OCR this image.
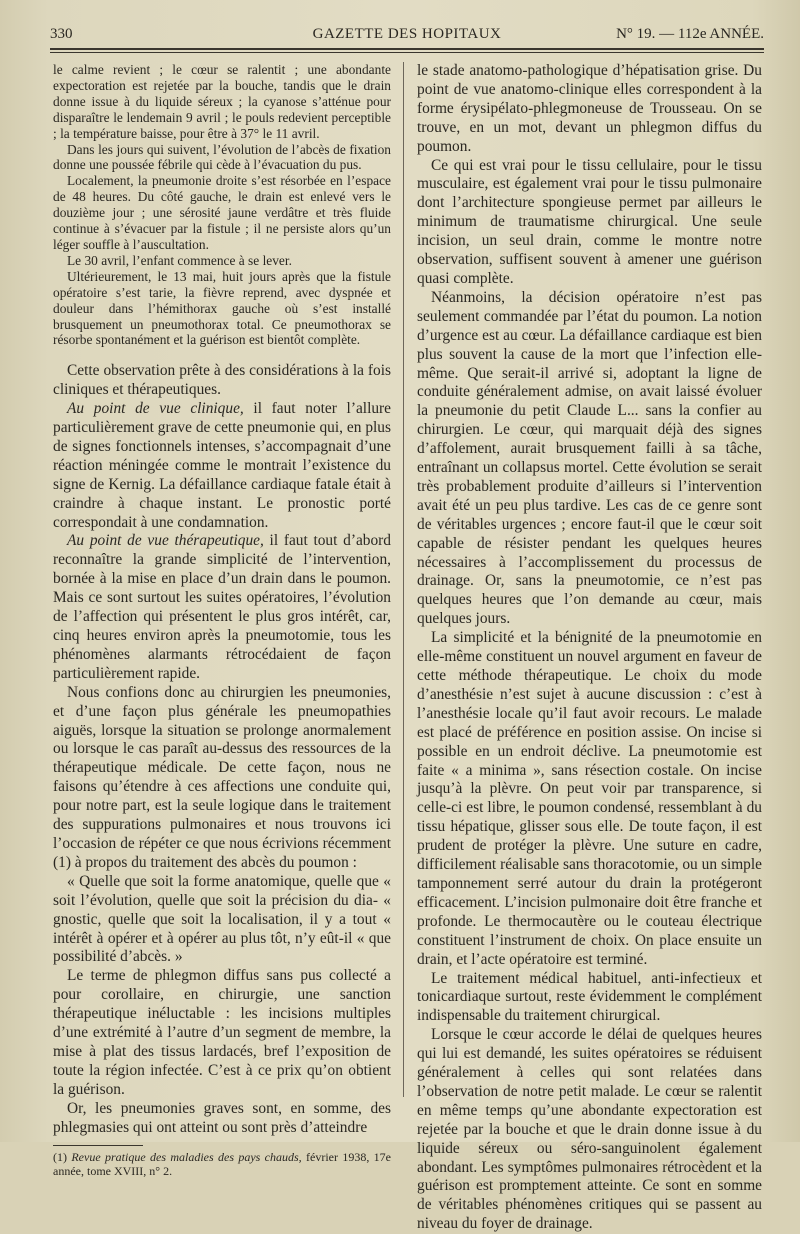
330	GAZETTE DES HOPITAUX	N° 19. — 112e ANNÉE.

le calme revient ; le cœur se ralentit ; une abondante expectoration est rejetée par la bouche, tandis que le drain donne issue à du liquide séreux ; la cyanose s’atténue pour disparaître le lendemain 9 avril ; le pouls redevient perceptible ; la température baisse, pour être à 37° le 11 avril.

Dans les jours qui suivent, l’évolution de l’abcès de fixation donne une poussée fébrile qui cède à l’évacuation du pus.

Localement, la pneumonie droite s’est résorbée en l’espace de 48 heures. Du côté gauche, le drain est enlevé vers le douzième jour ; une sérosité jaune verdâtre et très fluide continue à s’évacuer par la fistule ; il ne persiste alors qu’un léger souffle à l’auscultation.

Le 30 avril, l’enfant commence à se lever.

Ultérieurement, le 13 mai, huit jours après que la fistule opératoire s’est tarie, la fièvre reprend, avec dyspnée et douleur dans l’hémithorax gauche où s’est installé brusquement un pneumothorax total. Ce pneumothorax se résorbe spontanément et la guérison est bientôt complète.

Cette observation prête à des considérations à la fois cliniques et thérapeutiques.

Au point de vue clinique, il faut noter l’allure particulièrement grave de cette pneumonie qui, en plus de signes fonctionnels intenses, s’accompagnait d’une réaction méningée comme le montrait l’existence du signe de Kernig. La défaillance cardiaque fatale était à craindre à chaque instant. Le pronostic porté correspondait à une condamnation.

Au point de vue thérapeutique, il faut tout d’abord reconnaître la grande simplicité de l’intervention, bornée à la mise en place d’un drain dans le poumon. Mais ce sont surtout les suites opératoires, l’évolution de l’affection qui présentent le plus gros intérêt, car, cinq heures environ après la pneumotomie, tous les phénomènes alarmants rétrocédaient de façon particulièrement rapide.

Nous confions donc au chirurgien les pneumonies, et d’une façon plus générale les pneumopathies aiguës, lorsque la situation se prolonge anormalement ou lorsque le cas paraît au-dessus des ressources de la thérapeutique médicale. De cette façon, nous ne faisons qu’étendre à ces affections une conduite qui, pour notre part, est la seule logique dans le traitement des suppurations pulmonaires et nous trouvons ici l’occasion de répéter ce que nous écrivions récemment (1) à propos du traitement des abcès du poumon :

« Quelle que soit la forme anatomique, quelle que « soit l’évolution, quelle que soit la précision du dia- « gnostic, quelle que soit la localisation, il y a tout « intérêt à opérer et à opérer au plus tôt, n’y eût-il « que possibilité d’abcès. »

Le terme de phlegmon diffus sans pus collecté a pour corollaire, en chirurgie, une sanction thérapeutique inéluctable : les incisions multiples d’une extrémité à l’autre d’un segment de membre, la mise à plat des tissus lardacés, bref l’exposition de toute la région infectée. C’est à ce prix qu’on obtient la guérison.

Or, les pneumonies graves sont, en somme, des phlegmasies qui ont atteint ou sont près d’atteindre

(1) Revue pratique des maladies des pays chauds, février 1938, 17e année, tome XVIII, n° 2.

le stade anatomo-pathologique d’hépatisation grise. Du point de vue anatomo-clinique elles correspondent à la forme érysipélato-phlegmoneuse de Trousseau. On se trouve, en un mot, devant un phlegmon diffus du poumon.

Ce qui est vrai pour le tissu cellulaire, pour le tissu musculaire, est également vrai pour le tissu pulmonaire dont l’architecture spongieuse permet par ailleurs le minimum de traumatisme chirurgical. Une seule incision, un seul drain, comme le montre notre observation, suffisent souvent à amener une guérison quasi complète.

Néanmoins, la décision opératoire n’est pas seulement commandée par l’état du poumon. La notion d’urgence est au cœur. La défaillance cardiaque est bien plus souvent la cause de la mort que l’infection elle-même. Que serait-il arrivé si, adoptant la ligne de conduite généralement admise, on avait laissé évoluer la pneumonie du petit Claude L... sans la confier au chirurgien. Le cœur, qui marquait déjà des signes d’affolement, aurait brusquement failli à sa tâche, entraînant un collapsus mortel. Cette évolution se serait très probablement produite d’ailleurs si l’intervention avait été un peu plus tardive. Les cas de ce genre sont de véritables urgences ; encore faut-il que le cœur soit capable de résister pendant les quelques heures nécessaires à l’accomplissement du processus de drainage. Or, sans la pneumotomie, ce n’est pas quelques heures que l’on demande au cœur, mais quelques jours.

La simplicité et la bénignité de la pneumotomie en elle-même constituent un nouvel argument en faveur de cette méthode thérapeutique. Le choix du mode d’anesthésie n’est sujet à aucune discussion : c’est à l’anesthésie locale qu’il faut avoir recours. Le malade est placé de préférence en position assise. On incise si possible en un endroit déclive. La pneumotomie est faite « a minima », sans résection costale. On incise jusqu’à la plèvre. On peut voir par transparence, si celle-ci est libre, le poumon condensé, ressemblant à du tissu hépatique, glisser sous elle. De toute façon, il est prudent de protéger la plèvre. Une suture en cadre, difficilement réalisable sans thoracotomie, ou un simple tamponnement serré autour du drain la protégeront efficacement. L’incision pulmonaire doit être franche et profonde. Le thermocautère ou le couteau électrique constituent l’instrument de choix. On place ensuite un drain, et l’acte opératoire est terminé.

Le traitement médical habituel, anti-infectieux et tonicardiaque surtout, reste évidemment le complément indispensable du traitement chirurgical.

Lorsque le cœur accorde le délai de quelques heures qui lui est demandé, les suites opératoires se réduisent généralement à celles qui sont relatées dans l’observation de notre petit malade. Le cœur se ralentit en même temps qu’une abondante expectoration est rejetée par la bouche et que le drain donne issue à du liquide séreux ou séro-sanguinolent également abondant. Les symptômes pulmonaires rétrocèdent et la guérison est promptement atteinte. Ce sont en somme de véritables phénomènes critiques qui se passent au niveau du foyer de drainage.
